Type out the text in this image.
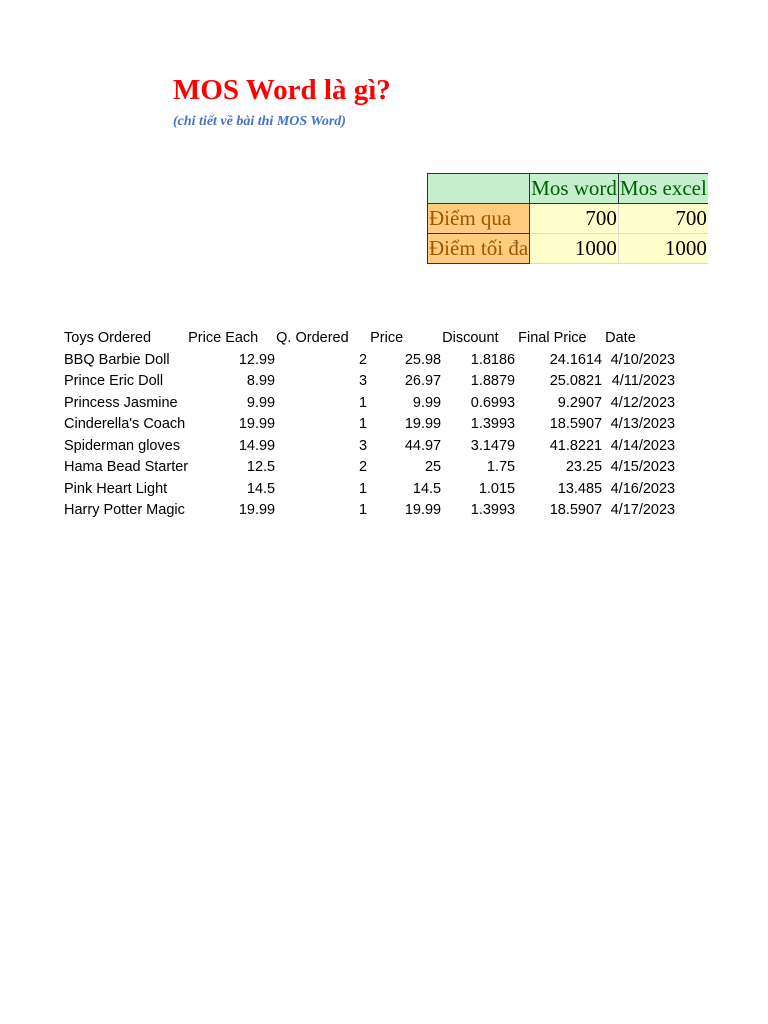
MOS Word là gì?
(chi tiết về bài thi MOS Word)
	Mos word	Mos excel
Điểm qua	700	700
Điểm tối đa	1000	1000
Toys Ordered	Price Each	Q. Ordered	Price	Discount	Final Price	Date
BBQ Barbie Doll	12.99	2	25.98	1.8186	24.1614	4/10/2023
Prince Eric Doll	8.99	3	26.97	1.8879	25.0821	4/11/2023
Princess Jasmine	9.99	1	9.99	0.6993	9.2907	4/12/2023
Cinderella's Coach	19.99	1	19.99	1.3993	18.5907	4/13/2023
Spiderman gloves	14.99	3	44.97	3.1479	41.8221	4/14/2023
Hama Bead Starter	12.5	2	25	1.75	23.25	4/15/2023
Pink Heart Light	14.5	1	14.5	1.015	13.485	4/16/2023
Harry Potter Magic	19.99	1	19.99	1.3993	18.5907	4/17/2023
